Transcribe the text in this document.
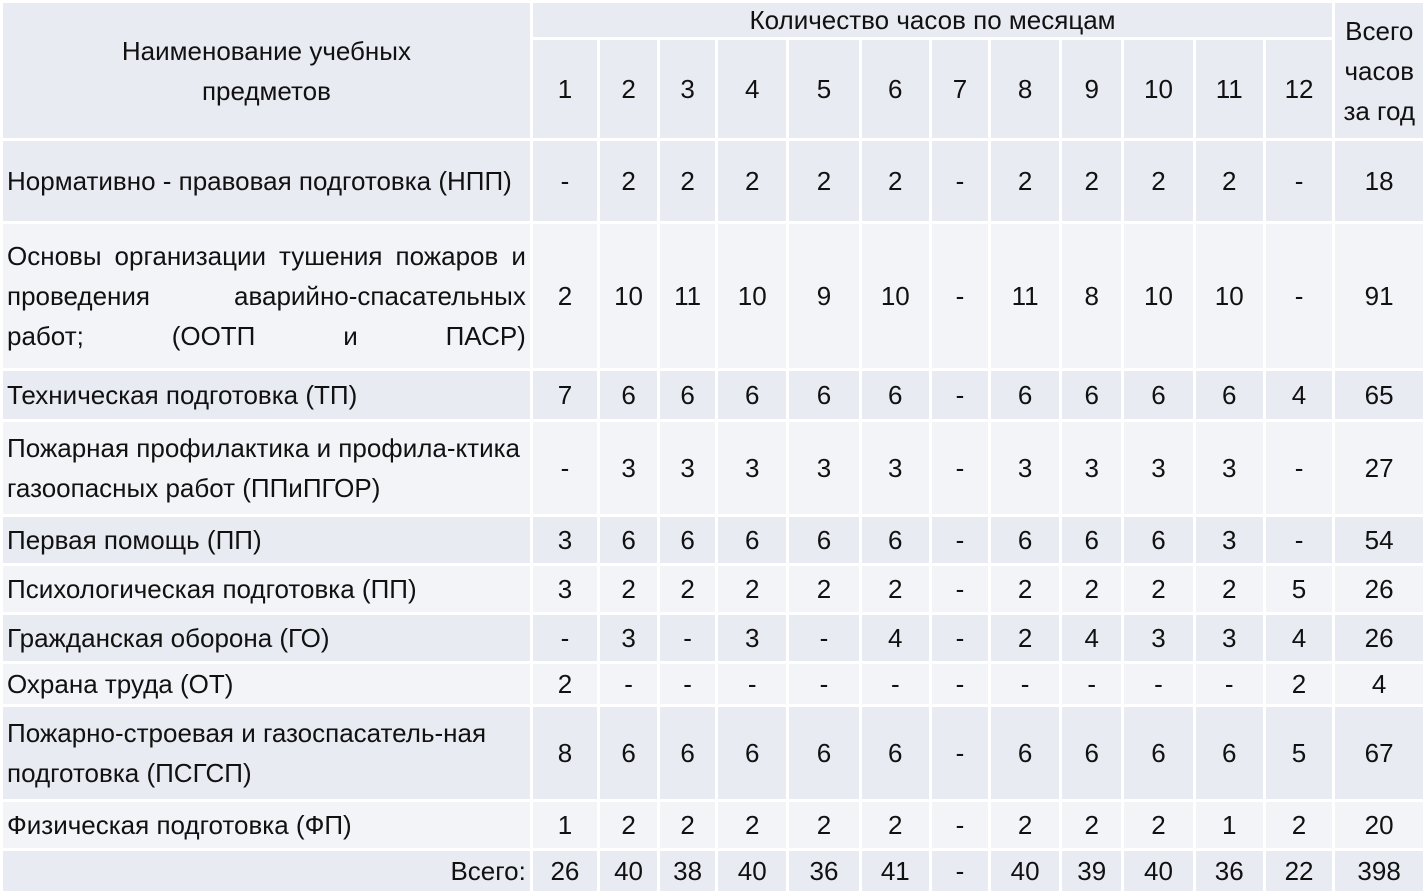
Наименование учебных предметов	Количество часов по месяцам												Всего часов за год
	1	2	3	4	5	6	7	8	9	10	11	12	
Нормативно - правовая подготовка (НПП)	-	2	2	2	2	2	-	2	2	2	2	-	18
Основы организации тушения пожаров и проведения аварийно-спасательных работ; (ООТП и ПАСР)	2	10	11	10	9	10	-	11	8	10	10	-	91
Техническая подготовка (ТП)	7	6	6	6	6	6	-	6	6	6	6	4	65
Пожарная профилактика и профила-ктика газоопасных работ (ППиПГОР)	-	3	3	3	3	3	-	3	3	3	3	-	27
Первая помощь (ПП)	3	6	6	6	6	6	-	6	6	6	3	-	54
Психологическая подготовка (ПП)	3	2	2	2	2	2	-	2	2	2	2	5	26
Гражданская оборона (ГО)	-	3	-	3	-	4	-	2	4	3	3	4	26
Охрана труда (ОТ)	2	-	-	-	-	-	-	-	-	-	-	2	4
Пожарно-строевая и газоспасатель-ная подготовка (ПСГСП)	8	6	6	6	6	6	-	6	6	6	6	5	67
Физическая подготовка (ФП)	1	2	2	2	2	2	-	2	2	2	1	2	20
Всего:	26	40	38	40	36	41	-	40	39	40	36	22	398
